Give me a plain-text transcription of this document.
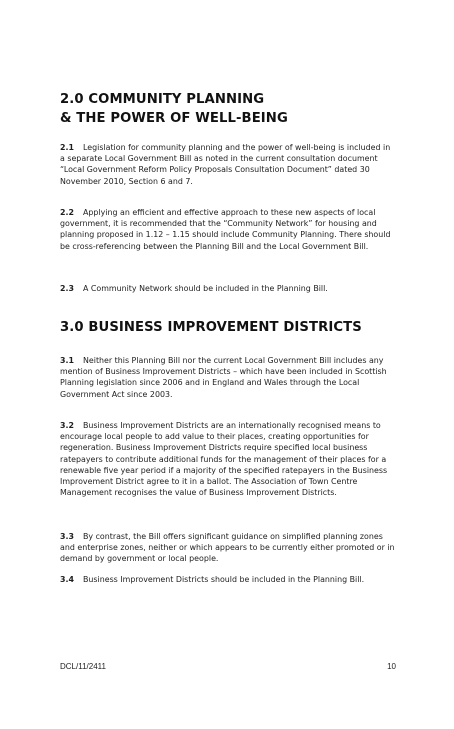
2.0 COMMUNITY PLANNING
& THE POWER OF WELL-BEING
2.1 Legislation for community planning and the power of well-being is included in a separate Local Government Bill as noted in the current consultation document “Local Government Reform Policy Proposals Consultation Document” dated 30 November 2010, Section 6 and 7.
2.2 Applying an efficient and effective approach to these new aspects of local government, it is recommended that the “Community Network” for housing and planning proposed in 1.12 – 1.15 should include Community Planning. There should be cross-referencing between the Planning Bill and the Local Government Bill.
2.3 A Community Network should be included in the Planning Bill.
3.0 BUSINESS IMPROVEMENT DISTRICTS
3.1 Neither this Planning Bill nor the current Local Government Bill includes any mention of Business Improvement Districts – which have been included in Scottish Planning legislation since 2006 and in England and Wales through the Local Government Act since 2003.
3.2 Business Improvement Districts are an internationally recognised means to encourage local people to add value to their places, creating opportunities for regeneration. Business Improvement Districts require specified local business ratepayers to contribute additional funds for the management of their places for a renewable five year period if a majority of the specified ratepayers in the Business Improvement District agree to it in a ballot. The Association of Town Centre Management recognises the value of Business Improvement Districts.
3.3 By contrast, the Bill offers significant guidance on simplified planning zones and enterprise zones, neither or which appears to be currently either promoted or in demand by government or local people.
3.4 Business Improvement Districts should be included in the Planning Bill.
DCL/11/2411	10
